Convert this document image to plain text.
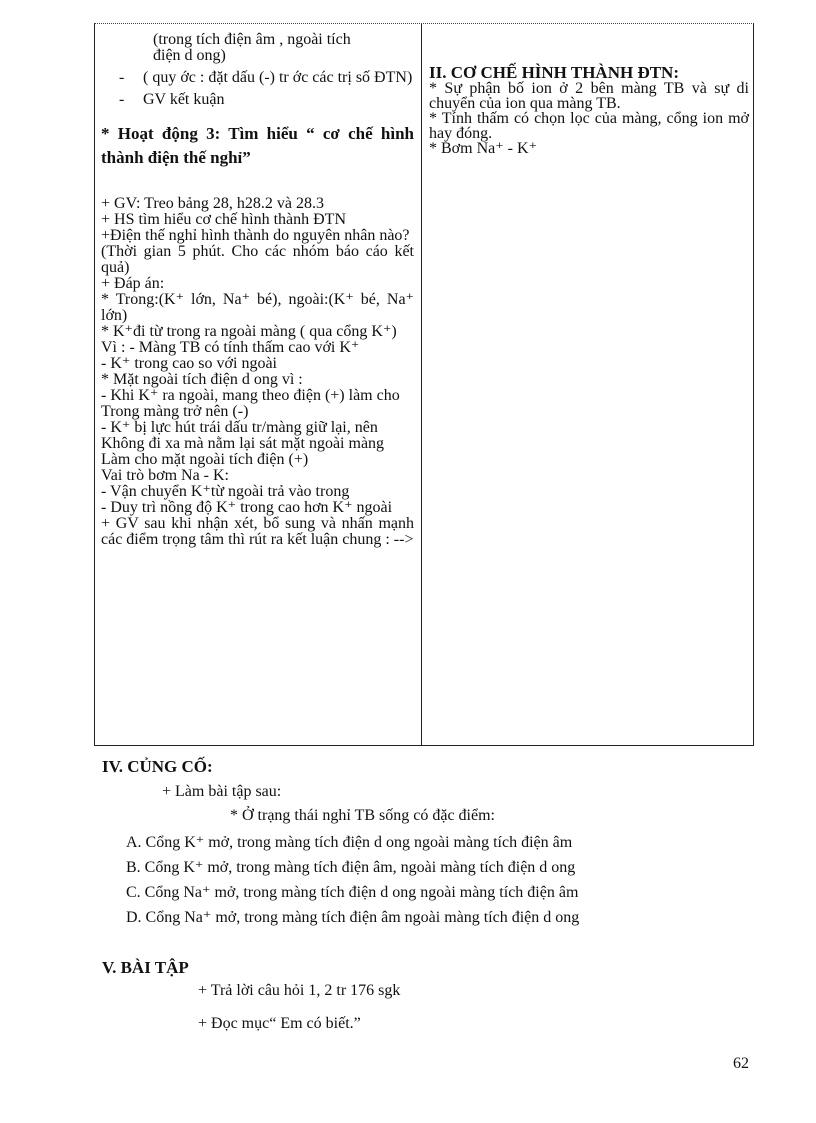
(trong tích điện âm , ngoài tích

điện d ong)

-	( quy ớc : đặt dấu (-) tr ớc các trị số ĐTN)
-	GV kết kuận

* Hoạt động 3: Tìm hiểu “ cơ chế hình thành điện thế nghỉ”

+ GV: Treo bảng 28, h28.2 và 28.3

+ HS tìm hiểu cơ chế hình thành ĐTN

+Điện thế nghỉ hình thành do nguyên nhân nào?

(Thời gian 5 phút. Cho các nhóm báo cáo kết quả)

+ Đáp án:

* Trong:(K⁺ lớn, Na⁺ bé), ngoài:(K⁺ bé, Na⁺ lớn)

* K⁺đi từ trong ra ngoài màng ( qua cổng K⁺)

Vì : - Màng TB có tính thấm cao với K⁺

- K⁺ trong cao so với ngoài

* Mặt ngoài tích điện d ong vì :

- Khi K⁺ ra ngoài, mang theo điện (+) làm cho

Trong màng trở nên (-)

- K⁺ bị lực hút trái dấu tr/màng giữ lại, nên

Không đi xa mà nằm lại sát mặt ngoài màng

Làm cho mặt ngoài tích điện (+)

Vai trò bơm Na - K:

- Vận chuyển K⁺từ ngoài trả vào trong

- Duy trì nồng độ K⁺ trong cao hơn K⁺ ngoài

+ GV sau khi nhận xét, bổ sung và nhấn mạnh các điểm trọng tâm thì rút ra kết luận chung : -->

II. CƠ CHẾ HÌNH THÀNH ĐTN:

* Sự phận bố ion ở 2 bên màng TB và sự di chuyển của ion qua màng TB.

* Tính thấm có chọn lọc của màng, cổng ion mở hay đóng.

* Bơm Na⁺ - K⁺

IV. CỦNG CỐ:
+ Làm bài tập sau:
* Ở trạng thái nghỉ TB sống có đặc điểm:
A. Cổng K⁺ mở, trong màng tích điện d ong ngoài màng tích điện âm
B. Cổng K⁺ mở, trong màng tích điện âm, ngoài màng tích điện d ong
C. Cổng Na⁺ mở, trong màng tích điện d ong ngoài màng tích điện âm
D. Cổng Na⁺ mở, trong màng tích điện âm ngoài màng tích điện d ong
V. BÀI TẬP
+ Trả lời câu hỏi 1, 2 tr 176 sgk
+ Đọc mục“ Em có biết.”
62
